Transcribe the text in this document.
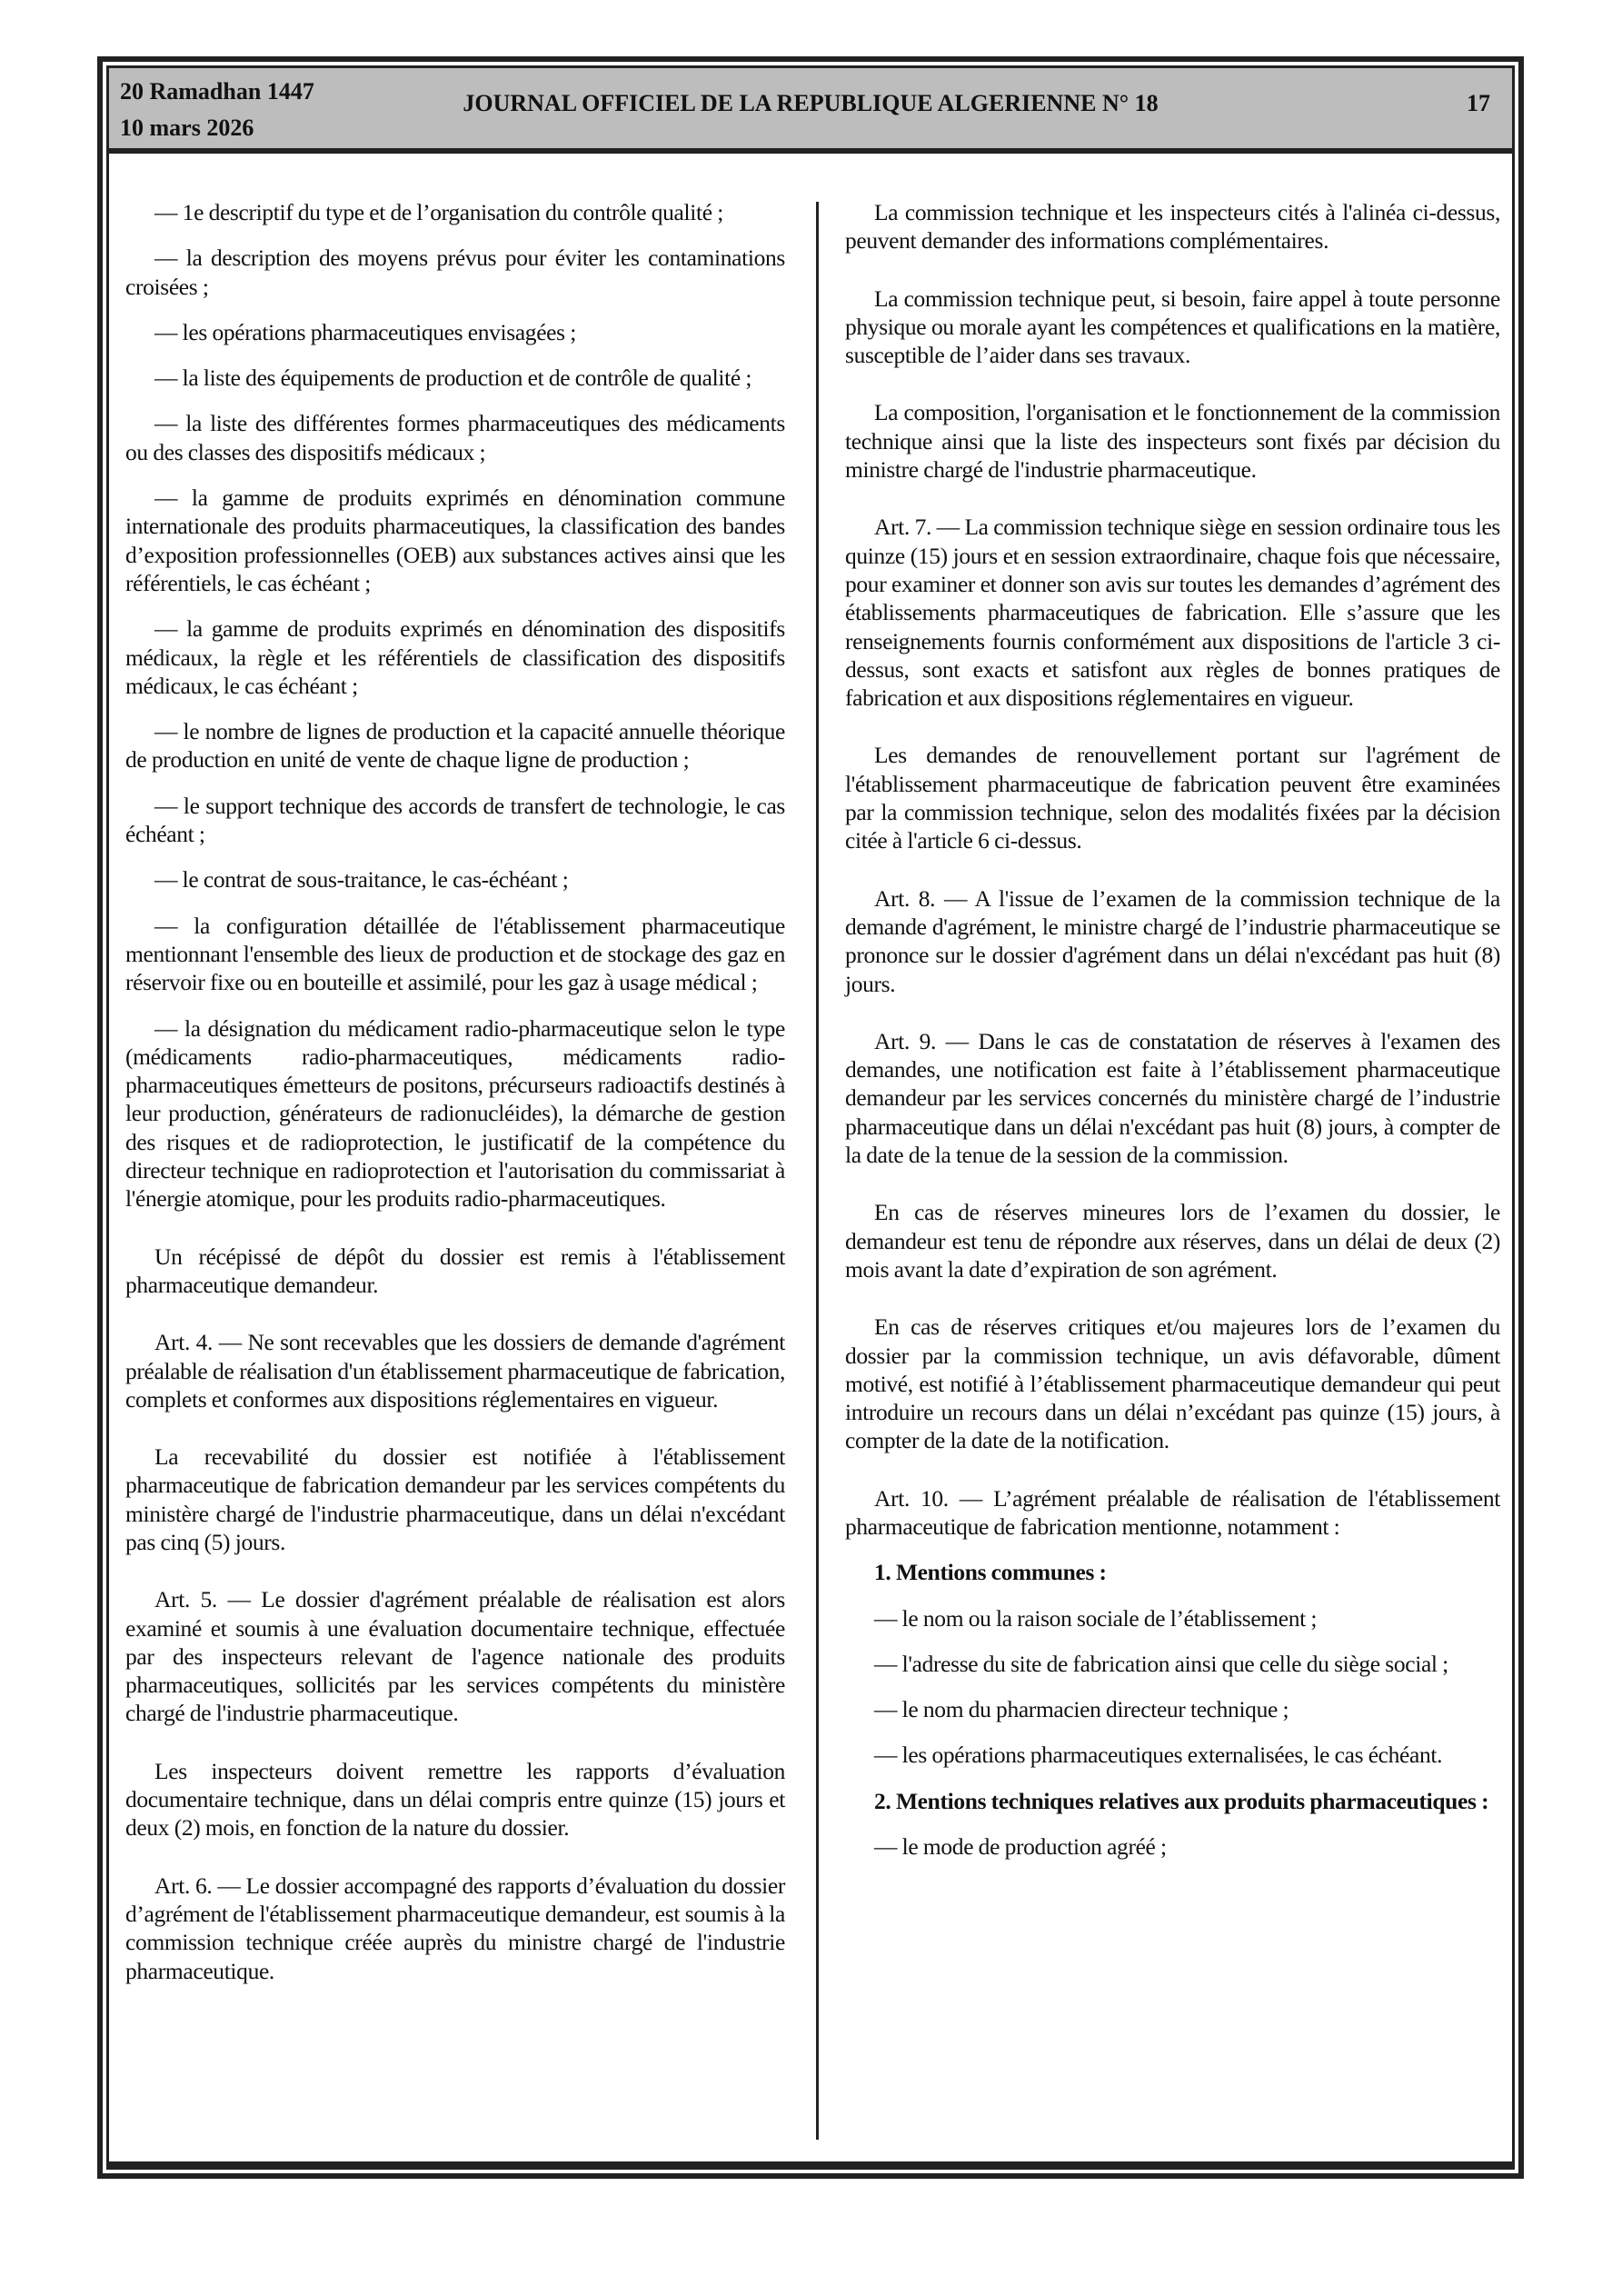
20 Ramadhan 1447
10 mars 2026
JOURNAL OFFICIEL DE LA REPUBLIQUE ALGERIENNE N° 18	17

— 1e descriptif du type et de l’organisation du contrôle qualité ;

— la description des moyens prévus pour éviter les contaminations croisées ;

— les opérations pharmaceutiques envisagées ;

— la liste des équipements de production et de contrôle de qualité ;

— la liste des différentes formes pharmaceutiques des médicaments ou des classes des dispositifs médicaux ;

— la gamme de produits exprimés en dénomination commune internationale des produits pharmaceutiques, la classification des bandes d’exposition professionnelles (OEB) aux substances actives ainsi que les référentiels, le cas échéant ;

— la gamme de produits exprimés en dénomination des dispositifs médicaux, la règle et les référentiels de classification des dispositifs médicaux, le cas échéant ;

— le nombre de lignes de production et la capacité annuelle théorique de production en unité de vente de chaque ligne de production ;

— le support technique des accords de transfert de technologie, le cas échéant ;

— le contrat de sous-traitance, le cas-échéant ;

— la configuration détaillée de l'établissement pharmaceutique mentionnant l'ensemble des lieux de production et de stockage des gaz en réservoir fixe ou en bouteille et assimilé, pour les gaz à usage médical ;

— la désignation du médicament radio-pharmaceutique selon le type (médicaments radio-pharmaceutiques, médicaments radio-pharmaceutiques émetteurs de positons, précurseurs radioactifs destinés à leur production, générateurs de radionucléides), la démarche de gestion des risques et de radioprotection, le justificatif de la compétence du directeur technique en radioprotection et l'autorisation du commissariat à l'énergie atomique, pour les produits radio-pharmaceutiques.

Un récépissé de dépôt du dossier est remis à l'établissement pharmaceutique demandeur.

Art. 4. — Ne sont recevables que les dossiers de demande d'agrément préalable de réalisation d'un établissement pharmaceutique de fabrication, complets et conformes aux dispositions réglementaires en vigueur.

La recevabilité du dossier est notifiée à l'établissement pharmaceutique de fabrication demandeur par les services compétents du ministère chargé de l'industrie pharmaceutique, dans un délai n'excédant pas cinq (5) jours.

Art. 5. — Le dossier d'agrément préalable de réalisation est alors examiné et soumis à une évaluation documentaire technique, effectuée par des inspecteurs relevant de l'agence nationale des produits pharmaceutiques, sollicités par les services compétents du ministère chargé de l'industrie pharmaceutique.

Les inspecteurs doivent remettre les rapports d’évaluation documentaire technique, dans un délai compris entre quinze (15) jours et deux (2) mois, en fonction de la nature du dossier.

Art. 6. — Le dossier accompagné des rapports d’évaluation du dossier d’agrément de l'établissement pharmaceutique demandeur, est soumis à la commission technique créée auprès du ministre chargé de l'industrie pharmaceutique.

La commission technique et les inspecteurs cités à l'alinéa ci-dessus, peuvent demander des informations complémentaires.

La commission technique peut, si besoin, faire appel à toute personne physique ou morale ayant les compétences et qualifications en la matière, susceptible de l’aider dans ses travaux.

La composition, l'organisation et le fonctionnement de la commission technique ainsi que la liste des inspecteurs sont fixés par décision du ministre chargé de l'industrie pharmaceutique.

Art. 7. — La commission technique siège en session ordinaire tous les quinze (15) jours et en session extraordinaire, chaque fois que nécessaire, pour examiner et donner son avis sur toutes les demandes d’agrément des établissements pharmaceutiques de fabrication. Elle s’assure que les renseignements fournis conformément aux dispositions de l'article 3 ci-dessus, sont exacts et satisfont aux règles de bonnes pratiques de fabrication et aux dispositions réglementaires en vigueur.

Les demandes de renouvellement portant sur l'agrément de l'établissement pharmaceutique de fabrication peuvent être examinées par la commission technique, selon des modalités fixées par la décision citée à l'article 6 ci-dessus.

Art. 8. — A l'issue de l’examen de la commission technique de la demande d'agrément, le ministre chargé de l’industrie pharmaceutique se prononce sur le dossier d'agrément dans un délai n'excédant pas huit (8) jours.

Art. 9. — Dans le cas de constatation de réserves à l'examen des demandes, une notification est faite à l’établissement pharmaceutique demandeur par les services concernés du ministère chargé de l’industrie pharmaceutique dans un délai n'excédant pas huit (8) jours, à compter de la date de la tenue de la session de la commission.

En cas de réserves mineures lors de l’examen du dossier, le demandeur est tenu de répondre aux réserves, dans un délai de deux (2) mois avant la date d’expiration de son agrément.

En cas de réserves critiques et/ou majeures lors de l’examen du dossier par la commission technique, un avis défavorable, dûment motivé, est notifié à l’établissement pharmaceutique demandeur qui peut introduire un recours dans un délai n’excédant pas quinze (15) jours, à compter de la date de la notification.

Art. 10. — L’agrément préalable de réalisation de l'établissement pharmaceutique de fabrication mentionne, notamment :

1. Mentions communes :

— le nom ou la raison sociale de l’établissement ;

— l'adresse du site de fabrication ainsi que celle du siège social ;

— le nom du pharmacien directeur technique ;

— les opérations pharmaceutiques externalisées, le cas échéant.

2. Mentions techniques relatives aux produits pharmaceutiques :

— le mode de production agréé ;
